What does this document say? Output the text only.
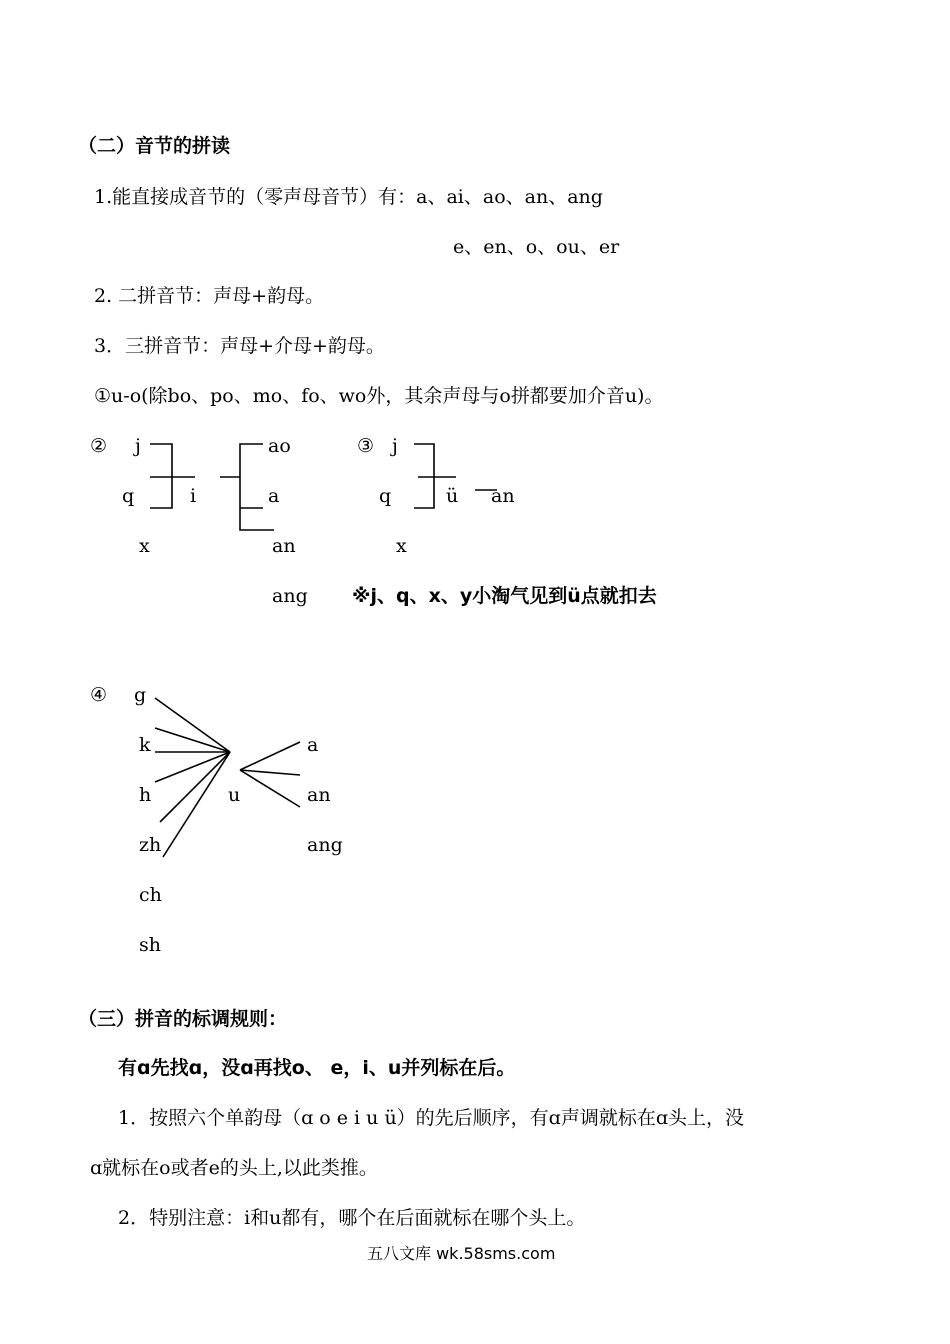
（二）音节的拼读
1.能直接成音节的（零声母音节）有：a、ai、ao、an、ang
e、en、o、ou、er
2. 二拼音节：声母+韵母。
3．三拼音节：声母+介母+韵母。
①u-o(除bo、po、mo、fo、wo外，其余声母与o拼都要加介音u)。
② j
q
x
i
ao
a
an
ang
③ j
q
x
ü an
※j、q、x、y小淘气见到ü点就扣去
④ g
k
h
zh
ch
sh
u
a
an
ang
（三）拼音的标调规则：
有ɑ先找ɑ，没ɑ再找o、 e，i、u并列标在后。
1．按照六个单韵母（ɑ o e i u ü）的先后顺序，有ɑ声调就标在ɑ头上，没
ɑ就标在o或者e的头上,以此类推。
2．特别注意：i和u都有，哪个在后面就标在哪个头上。
五八文库 wk.58sms.com
